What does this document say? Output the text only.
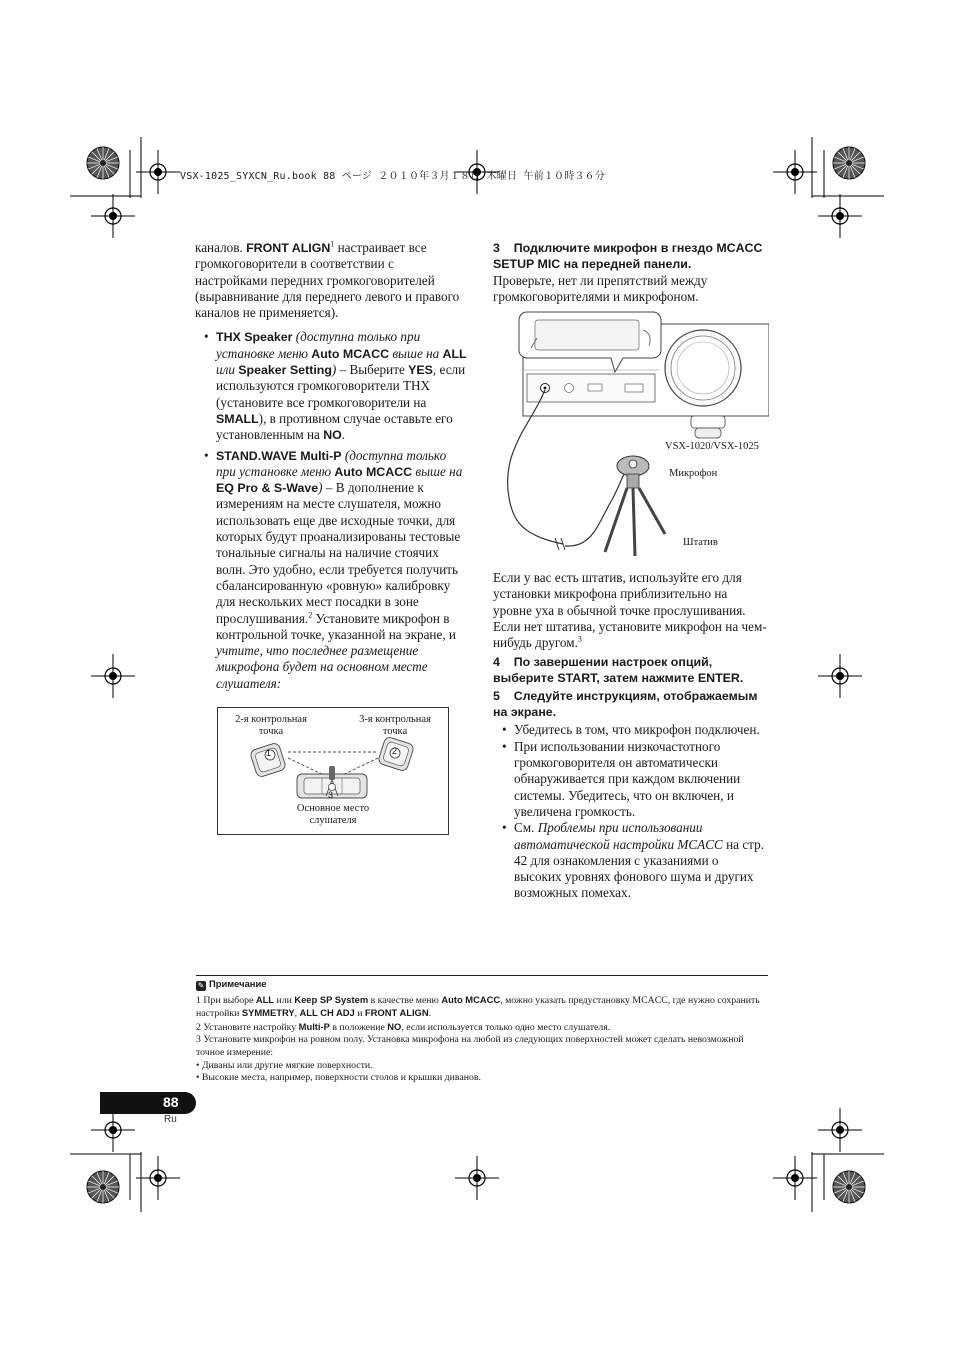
VSX-1025_SYXCN_Ru.book 88 ページ ２０１０年３月１８日 木曜日 午前１０時３６分

каналов. FRONT ALIGN$^1$ настраивает все громкоговорители в соответствии с настройками передних громкоговорителей (выравнивание для переднего левого и правого каналов не применяется).

• THX Speaker (доступна только при установке меню Auto MCACC выше на ALL или Speaker Setting) – Выберите YES, если используются громкоговорители THX (установите все громкоговорители на SMALL), в противном случае оставьте его установленным на NO.

• STAND.WAVE Multi-P (доступна только при установке меню Auto MCACC выше на EQ Pro & S-Wave) – В дополнение к измерениям на месте слушателя, можно использовать еще две исходные точки, для которых будут проанализированы тестовые тональные сигналы на наличие стоячих волн. Это удобно, если требуется получить сбалансированную «ровную» калибровку для нескольких мест посадки в зоне прослушивания.$^2$ Установите микрофон в контрольной точке, указанной на экране, и учтите, что последнее размещение микрофона будет на основном месте слушателя:

2-я контрольная точка
3-я контрольная точка
Основное место слушателя
1	2
3

3 Подключите микрофон в гнездо MCACC SETUP MIC на передней панели.

Проверьте, нет ли препятствий между громкоговорителями и микрофоном.

VSX-1020/VSX-1025
Микрофон
Штатив

Если у вас есть штатив, используйте его для установки микрофона приблизительно на уровне уха в обычной точке прослушивания. Если нет штатива, установите микрофон на чем-нибудь другом.$^3$

4 По завершении настроек опций, выберите START, затем нажмите ENTER.

5 Следуйте инструкциям, отображаемым на экране.

• Убедитесь в том, что микрофон подключен.

• При использовании низкочастотного громкоговорителя он автоматически обнаруживается при каждом включении системы. Убедитесь, что он включен, и увеличена громкость.

• См. Проблемы при использовании автоматической настройки MCACC на стр. 42 для ознакомления с указаниями о высоких уровнях фонового шума и других возможных помехах.

✎ Примечание

1 При выборе ALL или Keep SP System в качестве меню Auto MCACC, можно указать предустановку MCACC, где нужно сохранить настройки SYMMETRY, ALL CH ADJ и FRONT ALIGN.

2 Установите настройку Multi-P в положение NO, если используется только одно место слушателя.

3 Установите микрофон на ровном полу. Установка микрофона на любой из следующих поверхностей может сделать невозможной точное измерение:

• Диваны или другие мягкие поверхности.

• Высокие места, например, поверхности столов и крышки диванов.

88
Ru
